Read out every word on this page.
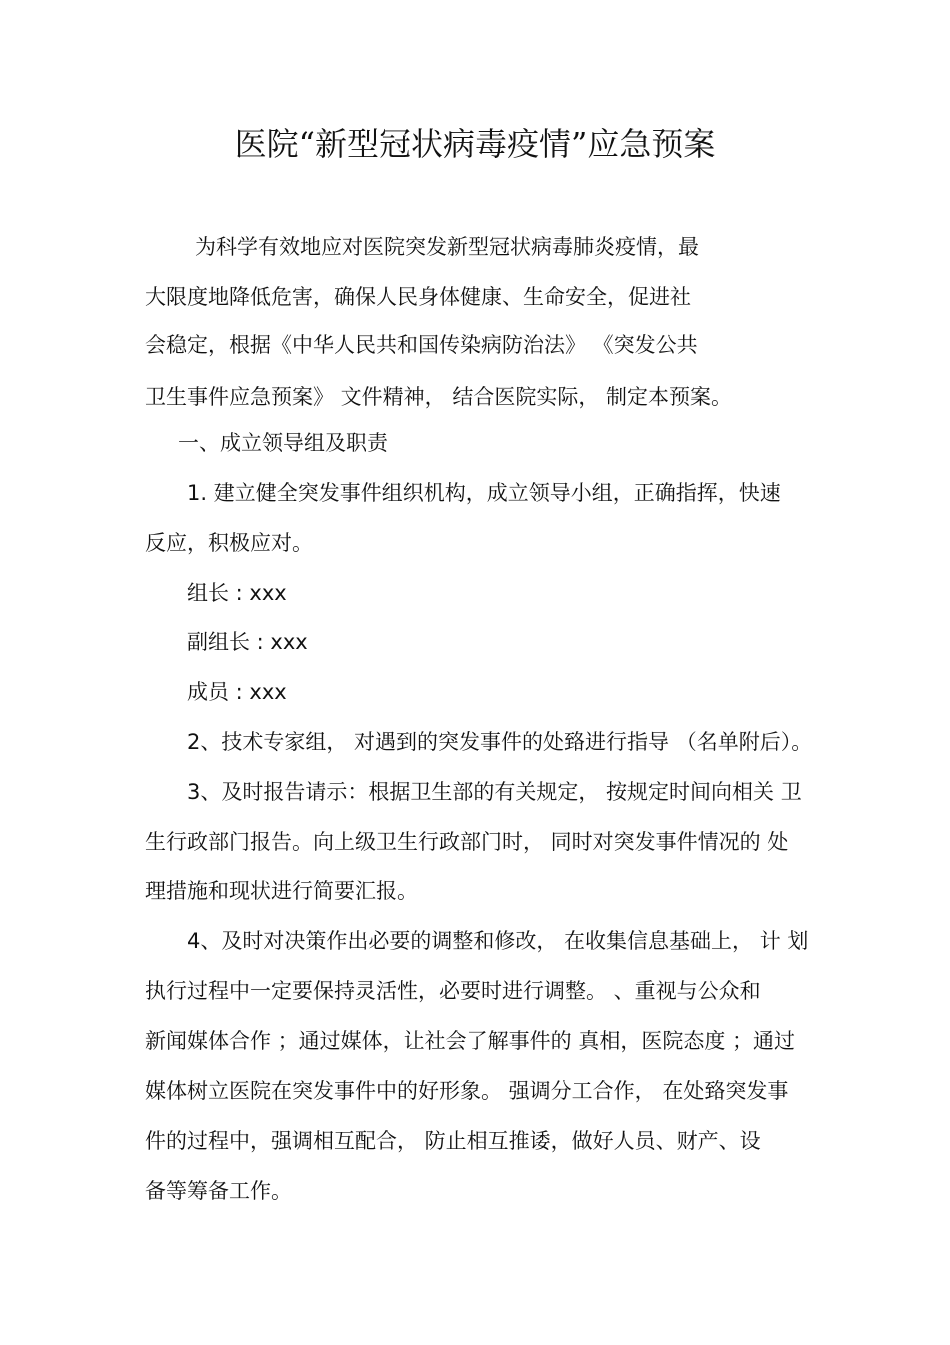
医院“新型冠状病毒疫情”应急预案
为科学有效地应对医院突发新型冠状病毒肺炎疫情，最
大限度地降低危害，确保人民身体健康、生命安全，促进社
会稳定，根据《中华人民共和国传染病防治法》 《突发公共
卫生事件应急预案》 文件精神， 结合医院实际， 制定本预案。
一、成立领导组及职责
1. 建立健全突发事件组织机构，成立领导小组，正确指挥，快速
反应，积极应对。
组长 : xxx
副组长 : xxx
成员 : xxx
2、技术专家组， 对遇到的突发事件的处臵进行指导 （名单附后）。
3、及时报告请示：根据卫生部的有关规定， 按规定时间向相关 卫
生行政部门报告。向上级卫生行政部门时， 同时对突发事件情况的 处
理措施和现状进行简要汇报。
4、及时对决策作出必要的调整和修改， 在收集信息基础上， 计 划
执行过程中一定要保持灵活性，必要时进行调整。 、重视与公众和
新闻媒体合作 ；通过媒体，让社会了解事件的 真相，医院态度 ；通过
媒体树立医院在突发事件中的好形象。 强调分工合作， 在处臵突发事
件的过程中，强调相互配合， 防止相互推诿，做好人员、财产、设
备等筹备工作。
